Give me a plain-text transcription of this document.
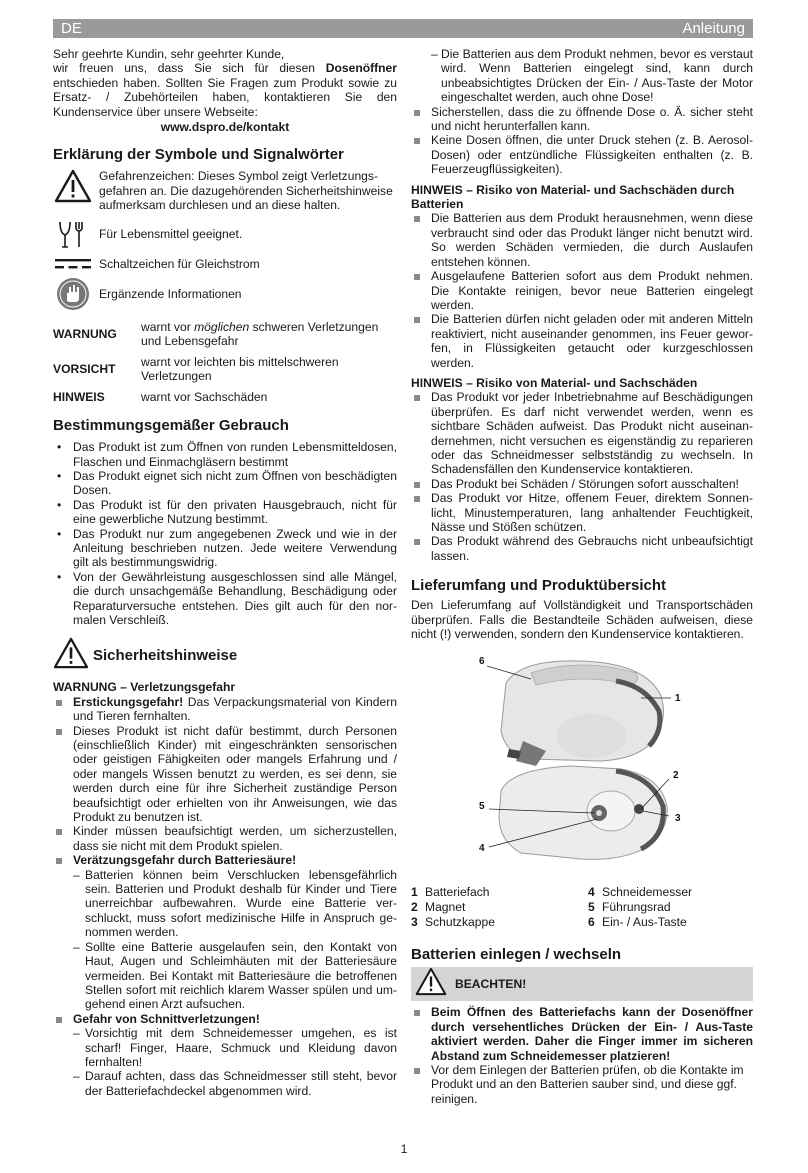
DE	Anleitung

Sehr geehrte Kundin, sehr geehrter Kunde,

wir freuen uns, dass Sie sich für diesen Dosenöffner entschieden haben. Sollten Sie Fragen zum Produkt sowie zu Ersatz- / Zubehörteilen haben, kontaktieren Sie den Kundenservice über unsere Webseite:

www.dspro.de/kontakt

Erklärung der Symbole und Signalwörter
Gefahrenzeichen: Dieses Symbol zeigt Verletzungsgefahren an. Die dazugehörenden Sicherheitshinweise aufmerksam durchlesen und an diese halten.
Für Lebensmittel geeignet.
Schaltzeichen für Gleichstrom
Ergänzende Informationen
WARNUNG	warnt vor möglichen schweren Verletzungen und Lebensgefahr
VORSICHT	warnt vor leichten bis mittelschweren Verletzungen
HINWEIS	warnt vor Sachschäden
Bestimmungsgemäßer Gebrauch
• Das Produkt ist zum Öffnen von runden Lebensmitteldosen, Flaschen und Einmachgläsern bestimmt
• Das Produkt eignet sich nicht zum Öffnen von beschädigten Dosen.
• Das Produkt ist für den privaten Hausgebrauch, nicht für eine gewerbliche Nutzung bestimmt.
• Das Produkt nur zum angegebenen Zweck und wie in der Anleitung beschrieben nutzen. Jede weitere Verwendung gilt als bestimmungswidrig.
• Von der Gewährleistung ausgeschlossen sind alle Mängel, die durch unsachgemäße Behandlung, Beschädigung oder Reparaturversuche entstehen. Dies gilt auch für den normalen Verschleiß.
Sicherheitshinweise
WARNUNG – Verletzungsgefahr
Erstickungsgefahr! Das Verpackungsmaterial von Kindern und Tieren fernhalten.
Dieses Produkt ist nicht dafür bestimmt, durch Personen (einschließlich Kinder) mit eingeschränkten sensorischen oder geistigen Fähigkeiten oder mangels Erfahrung und / oder mangels Wissen benutzt zu werden, es sei denn, sie werden durch eine für ihre Sicherheit zuständige Person beaufsichtigt oder erhielten von ihr Anweisungen, wie das Produkt zu benutzen ist.
Kinder müssen beaufsichtigt werden, um sicherzustellen, dass sie nicht mit dem Produkt spielen.
Verätzungsgefahr durch Batteriesäure!
– Batterien können beim Verschlucken lebensgefährlich sein. Batterien und Produkt deshalb für Kinder und Tiere unerreichbar aufbewahren. Wurde eine Batterie verschluckt, muss sofort medizinische Hilfe in Anspruch genommen werden.
– Sollte eine Batterie ausgelaufen sein, den Kontakt von Haut, Augen und Schleimhäuten mit der Batteriesäure vermeiden. Bei Kontakt mit Batteriesäure die betroffenen Stellen sofort mit reichlich klarem Wasser spülen und umgehend einen Arzt aufsuchen.
Gefahr von Schnittverletzungen!
– Vorsichtig mit dem Schneidemesser umgehen, es ist scharf! Finger, Haare, Schmuck und Kleidung davon fernhalten!
– Darauf achten, dass das Schneidmesser still steht, bevor der Batteriefachdeckel abgenommen wird.
– Die Batterien aus dem Produkt nehmen, bevor es verstaut wird. Wenn Batterien eingelegt sind, kann durch unbeabsichtigtes Drücken der Ein- / Aus-Taste der Motor eingeschaltet werden, auch ohne Dose!
Sicherstellen, dass die zu öffnende Dose o. Ä. sicher steht und nicht herunterfallen kann.
Keine Dosen öffnen, die unter Druck stehen (z. B. Aerosol-Dosen) oder entzündliche Flüssigkeiten enthalten (z. B. Feuerzeugflüssigkeiten).
HINWEIS – Risiko von Material- und Sachschäden durch Batterien
Die Batterien aus dem Produkt herausnehmen, wenn diese verbraucht sind oder das Produkt länger nicht benutzt wird. So werden Schäden vermieden, die durch Auslaufen entstehen können.
Ausgelaufene Batterien sofort aus dem Produkt nehmen. Die Kontakte reinigen, bevor neue Batterien eingelegt werden.
Die Batterien dürfen nicht geladen oder mit anderen Mitteln reaktiviert, nicht auseinander genommen, ins Feuer geworfen, in Flüssigkeiten getaucht oder kurzgeschlossen werden.
HINWEIS – Risiko von Material- und Sachschäden
Das Produkt vor jeder Inbetriebnahme auf Beschädigungen überprüfen. Es darf nicht verwendet werden, wenn es sichtbare Schäden aufweist. Das Produkt nicht auseinandernehmen, nicht versuchen es eigenständig zu reparieren oder das Schneidmesser selbstständig zu wechseln. In Schadensfällen den Kundenservice kontaktieren.
Das Produkt bei Schäden / Störungen sofort ausschalten!
Das Produkt vor Hitze, offenem Feuer, direktem Sonnenlicht, Minustemperaturen, lang anhaltender Feuchtigkeit, Nässe und Stößen schützen.
Das Produkt während des Gebrauchs nicht unbeaufsichtigt lassen.
Lieferumfang und Produktübersicht

Den Lieferumfang auf Vollständigkeit und Transportschäden überprüfen. Falls die Bestandteile Schäden aufweisen, diese nicht (!) verwenden, sondern den Kundenservice kontaktieren.

6
1
2
5
3
4
1 Batteriefach	4 Schneidemesser
2 Magnet	5 Führungsrad
3 Schutzkappe	6 Ein- / Aus-Taste
Batterien einlegen / wechseln
BEACHTEN!
Beim Öffnen des Batteriefachs kann der Dosenöffner durch versehentliches Drücken der Ein- / Aus-Taste aktiviert werden. Daher die Finger immer im sicheren Abstand zum Schneidemesser platzieren!
Vor dem Einlegen der Batterien prüfen, ob die Kontakte im Produkt und an den Batterien sauber sind, und diese ggf. reinigen.
1
